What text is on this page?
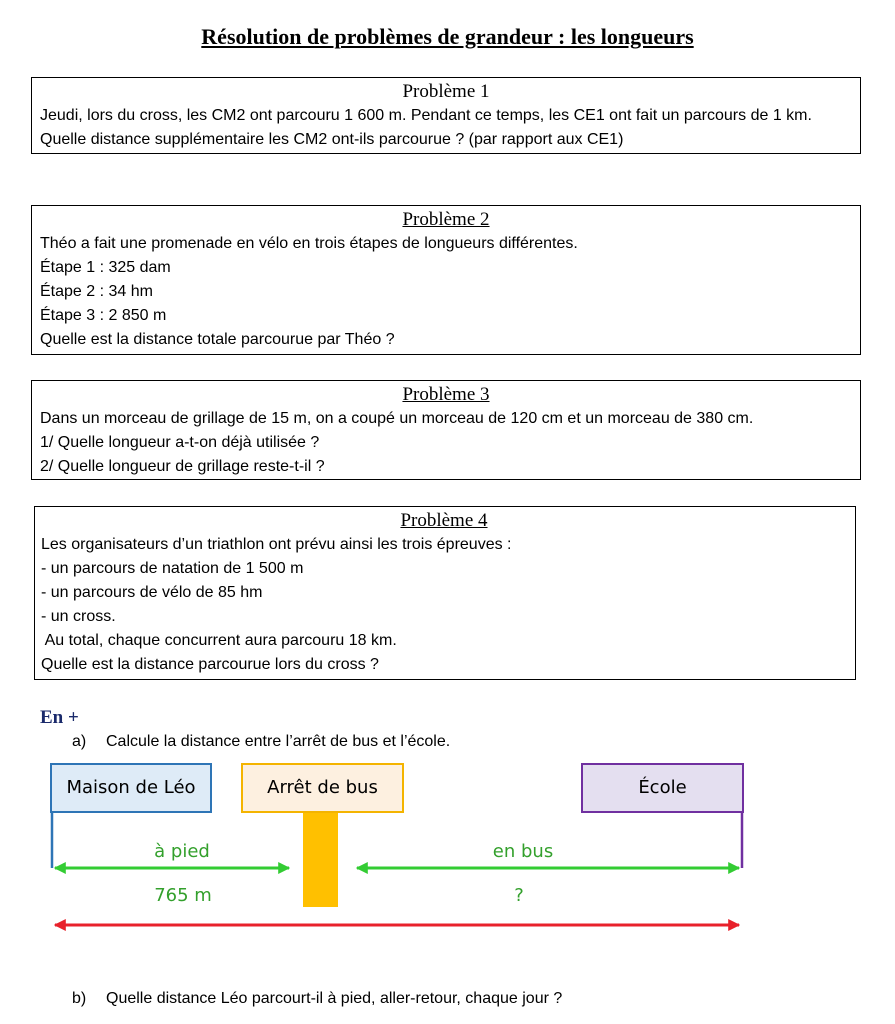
Résolution de problèmes de grandeur : les longueurs
Problème 1
Jeudi, lors du cross, les CM2 ont parcouru 1 600 m. Pendant ce temps, les CE1 ont fait un parcours de 1 km. Quelle distance supplémentaire les CM2 ont-ils parcourue ? (par rapport aux CE1)
Problème 2
Théo a fait une promenade en vélo en trois étapes de longueurs différentes.
Étape 1 : 325 dam
Étape 2 : 34 hm
Étape 3 : 2 850 m
Quelle est la distance totale parcourue par Théo ?
Problème 3
Dans un morceau de grillage de 15 m, on a coupé un morceau de 120 cm et un morceau de 380 cm.
1/ Quelle longueur a-t-on déjà utilisée ?
2/ Quelle longueur de grillage reste-t-il ?
Problème 4
Les organisateurs d’un triathlon ont prévu ainsi les trois épreuves :
- un parcours de natation de 1 500 m
- un parcours de vélo de 85 hm
- un cross.
Au total, chaque concurrent aura parcouru 18 km.
Quelle est la distance parcourue lors du cross ?
En +
a) Calcule la distance entre l’arrêt de bus et l’école.
Maison de Léo	Arrêt de bus	École
à pied
765 m
en bus
?
b) Quelle distance Léo parcourt-il à pied, aller-retour, chaque jour ?
